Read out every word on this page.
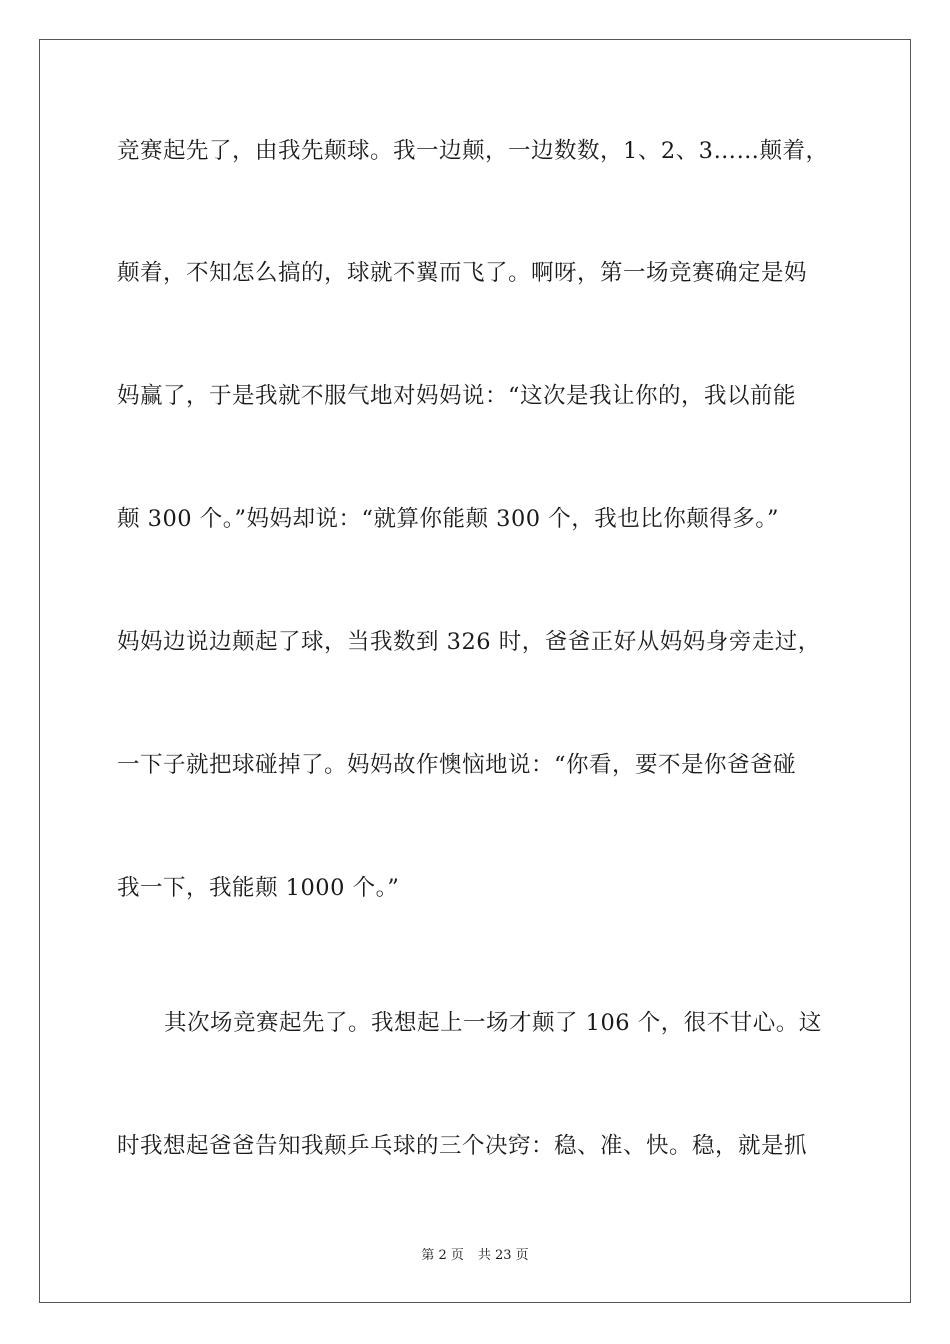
竞赛起先了，由我先颠球。我一边颠，一边数数，1、2、3……颠着，
颠着，不知怎么搞的，球就不翼而飞了。啊呀，第一场竞赛确定是妈
妈赢了，于是我就不服气地对妈妈说：“这次是我让你的，我以前能
颠 300 个。”妈妈却说：“就算你能颠 300 个，我也比你颠得多。”
妈妈边说边颠起了球，当我数到 326 时，爸爸正好从妈妈身旁走过，
一下子就把球碰掉了。妈妈故作懊恼地说：“你看，要不是你爸爸碰
我一下，我能颠 1000 个。”
其次场竞赛起先了。我想起上一场才颠了 106 个，很不甘心。这
时我想起爸爸告知我颠乒乓球的三个决窍：稳、准、快。稳，就是抓
第 2 页 共 23 页
